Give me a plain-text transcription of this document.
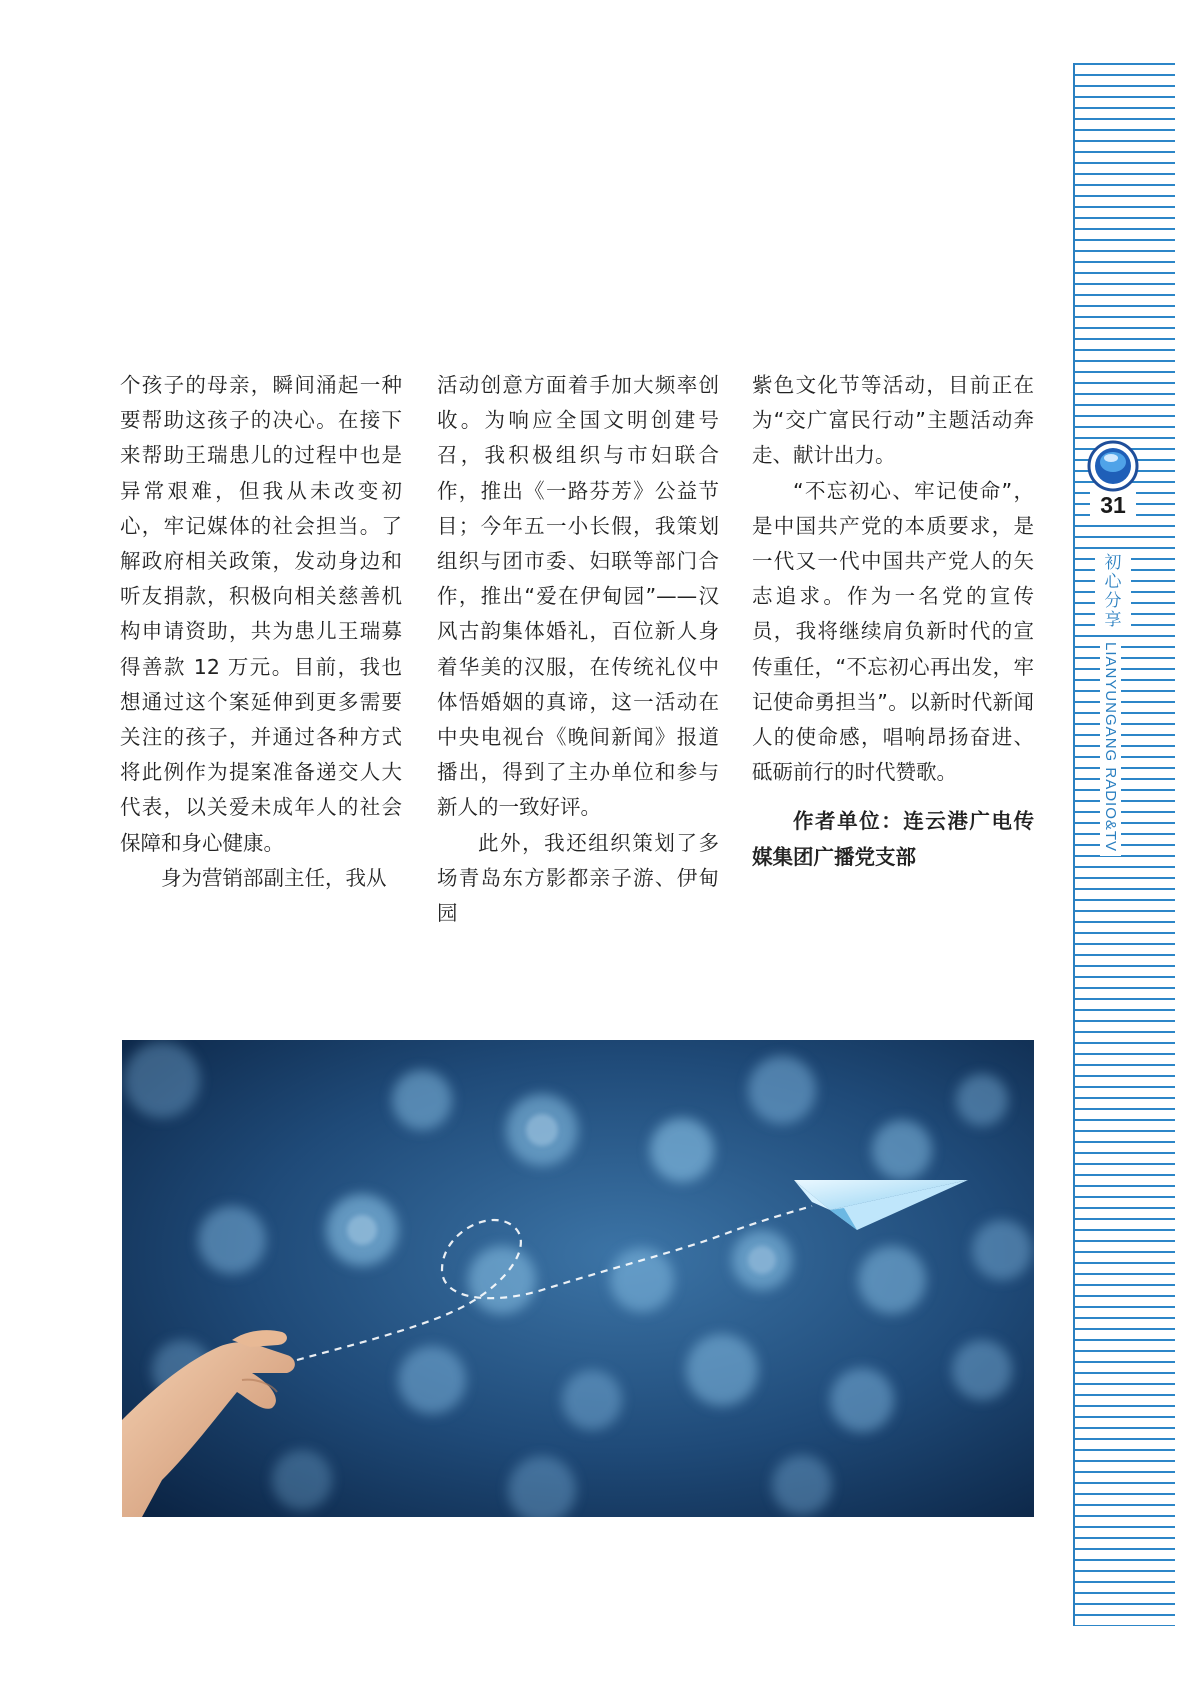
个孩子的母亲，瞬间涌起一种要帮助这孩子的决心。在接下来帮助王瑞患儿的过程中也是异常艰难，但我从未改变初心，牢记媒体的社会担当。了解政府相关政策，发动身边和听友捐款，积极向相关慈善机构申请资助，共为患儿王瑞募得善款 12 万元。目前，我也想通过这个案延伸到更多需要关注的孩子，并通过各种方式将此例作为提案准备递交人大代表，以关爱未成年人的社会保障和身心健康。

身为营销部副主任，我从

活动创意方面着手加大频率创收。为响应全国文明创建号召，我积极组织与市妇联合作，推出《一路芬芳》公益节目；今年五一小长假，我策划组织与团市委、妇联等部门合作，推出“爱在伊甸园”——汉风古韵集体婚礼，百位新人身着华美的汉服，在传统礼仪中体悟婚姻的真谛，这一活动在中央电视台《晚间新闻》报道播出，得到了主办单位和参与新人的一致好评。

此外，我还组织策划了多场青岛东方影都亲子游、伊甸园

紫色文化节等活动，目前正在为“交广富民行动”主题活动奔走、献计出力。

“不忘初心、牢记使命”，是中国共产党的本质要求，是一代又一代中国共产党人的矢志追求。作为一名党的宣传员，我将继续肩负新时代的宣传重任，“不忘初心再出发，牢记使命勇担当”。以新时代新闻人的使命感，唱响昂扬奋进、砥砺前行的时代赞歌。

作者单位：连云港广电传媒集团广播党支部

31
初
心
分
享
LIANYUNGANG RADIO&TV
